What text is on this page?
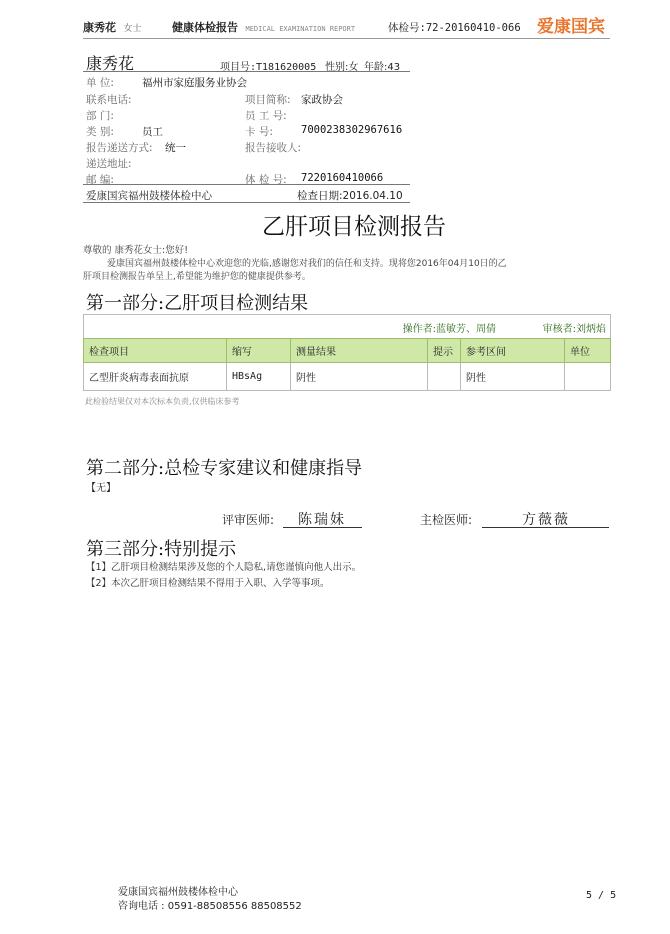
康秀花 女士	健康体检报告 MEDICAL EXAMINATION REPORT	体检号:72-20160410-066 爱康国宾
康秀花	项目号:T181620005 性别:女 年龄:43
单 位:	福州市家庭服务业协会
联系电话:	项目简称: 家政协会
部 门:	员 工 号:
类 别:	员工	卡 号:	7000238302967616
报告递送方式: 统一	报告接收人:
递送地址:
邮 编:	体 检 号: 7220160410066
爱康国宾福州鼓楼体检中心	检查日期:2016.04.10
乙肝项目检测报告
尊敬的 康秀花女士:您好!
爱康国宾福州鼓楼体检中心欢迎您的光临,感谢您对我们的信任和支持。现将您2016年04月10日的乙
肝项目检测报告单呈上,希望能为维护您的健康提供参考。
第一部分:乙肝项目检测结果
操作者:蓝敏芳、周倩	审核者:刘炳焰
检查项目	缩写	测量结果	提示	参考区间	单位
乙型肝炎病毒表面抗原	HBsAg	阴性		阴性	
此检验结果仅对本次标本负责,仅供临床参考
第二部分:总检专家建议和健康指导
【无】
评审医师: 陈瑞妹	主检医师:	方薇薇
第三部分:特别提示
【1】乙肝项目检测结果涉及您的个人隐私,请您谨慎向他人出示。
【2】本次乙肝项目检测结果不得用于入职、入学等事项。
爱康国宾福州鼓楼体检中心
咨询电话 : 0591-88508556 88508552
5 / 5
